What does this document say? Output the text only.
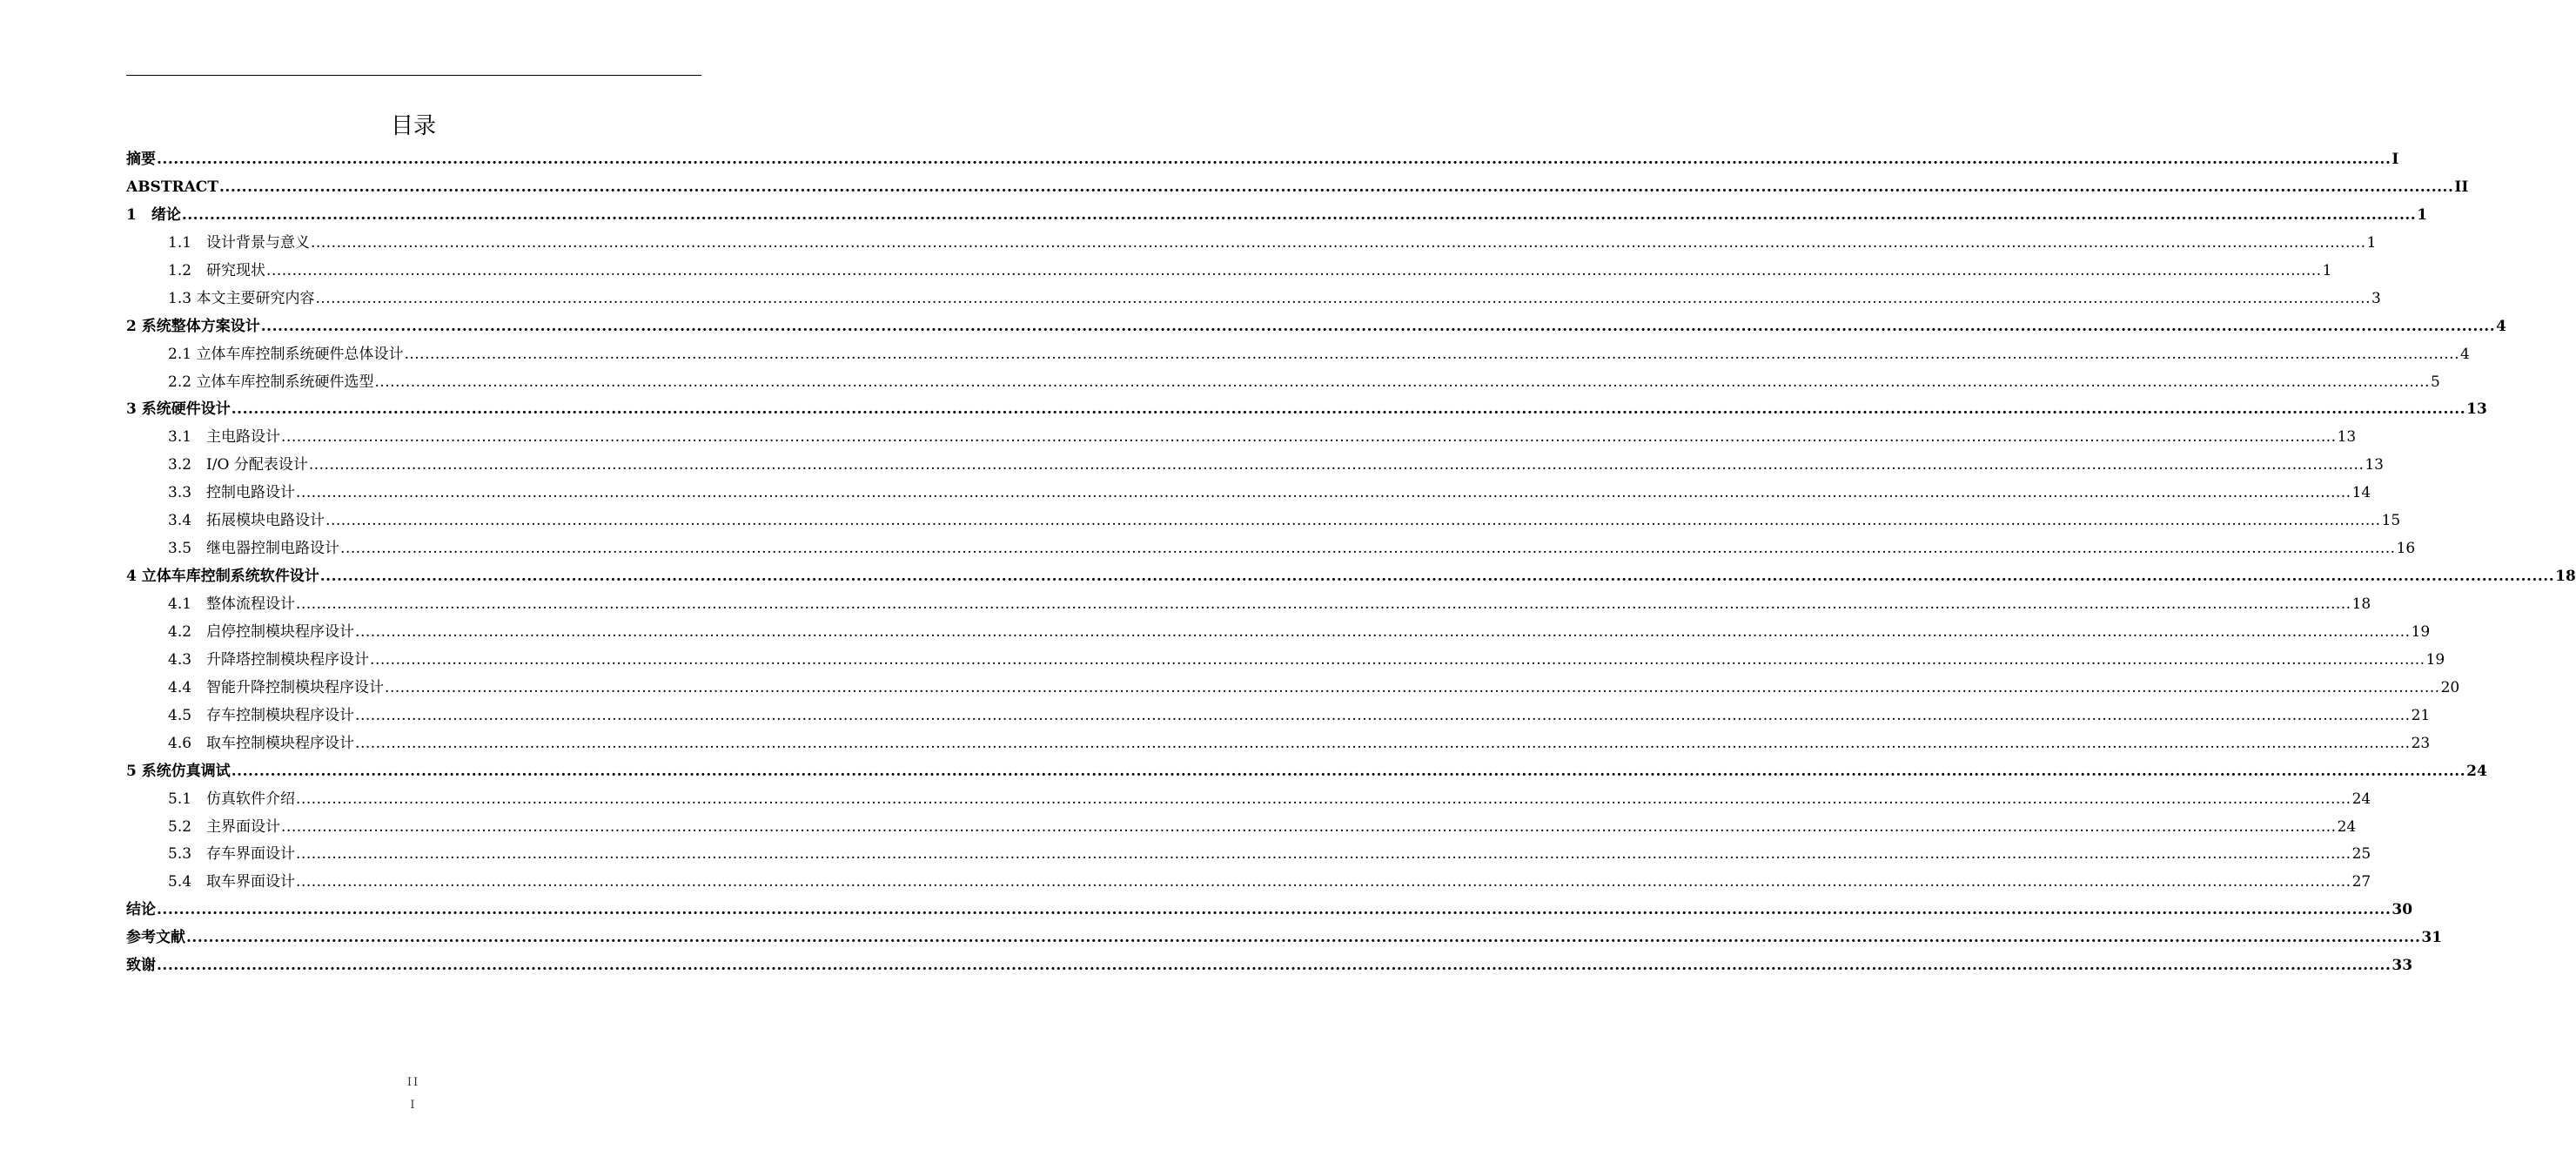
目录
摘要 ................................................................................................................................................................................................................................................................................................................................................................................................................ I
ABSTRACT ................................................................................................................................................................................................................................................................................................................................................................................................................ II
1　绪论 ................................................................................................................................................................................................................................................................................................................................................................................................................ 1
1.1　设计背景与意义 ................................................................................................................................................................................................................................................................................................................................................................................................................ 1
1.2　研究现状 ................................................................................................................................................................................................................................................................................................................................................................................................................ 1
1.3 本文主要研究内容 ................................................................................................................................................................................................................................................................................................................................................................................................................ 3
2 系统整体方案设计 ................................................................................................................................................................................................................................................................................................................................................................................................................ 4
2.1 立体车库控制系统硬件总体设计 ................................................................................................................................................................................................................................................................................................................................................................................................................ 4
2.2 立体车库控制系统硬件选型 ................................................................................................................................................................................................................................................................................................................................................................................................................ 5
3 系统硬件设计 ................................................................................................................................................................................................................................................................................................................................................................................................................ 13
3.1　主电路设计 ................................................................................................................................................................................................................................................................................................................................................................................................................ 13
3.2　I/O 分配表设计 ................................................................................................................................................................................................................................................................................................................................................................................................................ 13
3.3　控制电路设计 ................................................................................................................................................................................................................................................................................................................................................................................................................ 14
3.4　拓展模块电路设计 ................................................................................................................................................................................................................................................................................................................................................................................................................ 15
3.5　继电器控制电路设计 ................................................................................................................................................................................................................................................................................................................................................................................................................ 16
4 立体车库控制系统软件设计 ................................................................................................................................................................................................................................................................................................................................................................................................................ 18
4.1　整体流程设计 ................................................................................................................................................................................................................................................................................................................................................................................................................ 18
4.2　启停控制模块程序设计 ................................................................................................................................................................................................................................................................................................................................................................................................................ 19
4.3　升降塔控制模块程序设计 ................................................................................................................................................................................................................................................................................................................................................................................................................ 19
4.4　智能升降控制模块程序设计 ................................................................................................................................................................................................................................................................................................................................................................................................................ 20
4.5　存车控制模块程序设计 ................................................................................................................................................................................................................................................................................................................................................................................................................ 21
4.6　取车控制模块程序设计 ................................................................................................................................................................................................................................................................................................................................................................................................................ 23
5 系统仿真调试 ................................................................................................................................................................................................................................................................................................................................................................................................................ 24
5.1　仿真软件介绍 ................................................................................................................................................................................................................................................................................................................................................................................................................ 24
5.2　主界面设计 ................................................................................................................................................................................................................................................................................................................................................................................................................ 24
5.3　存车界面设计 ................................................................................................................................................................................................................................................................................................................................................................................................................ 25
5.4　取车界面设计 ................................................................................................................................................................................................................................................................................................................................................................................................................ 27
结论 ................................................................................................................................................................................................................................................................................................................................................................................................................ 30
参考文献 ................................................................................................................................................................................................................................................................................................................................................................................................................ 31
致谢 ................................................................................................................................................................................................................................................................................................................................................................................................................ 33
II
I
